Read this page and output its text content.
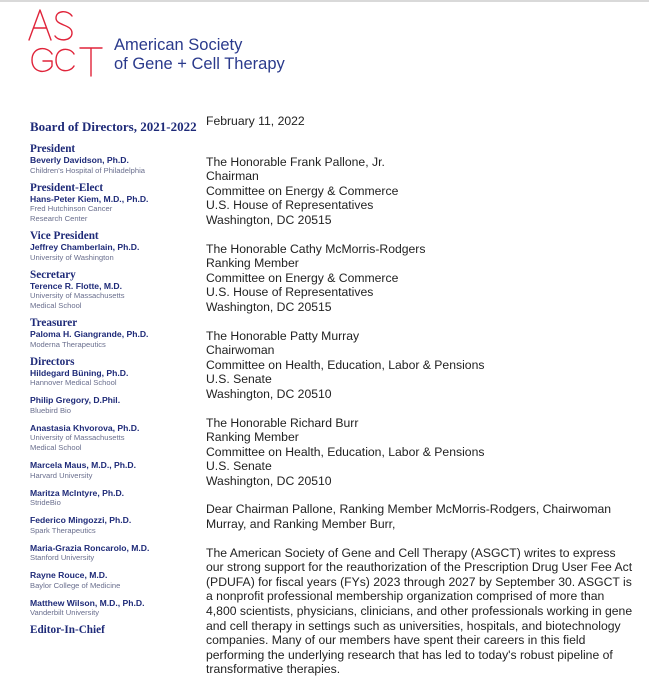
American Society
of Gene + Cell Therapy
Board of Directors, 2021-2022
President
Beverly Davidson, Ph.D.
Children's Hospital of Philadelphia
President-Elect
Hans-Peter Kiem, M.D., Ph.D.
Fred Hutchinson Cancer
Research Center
Vice President
Jeffrey Chamberlain, Ph.D.
University of Washington
Secretary
Terence R. Flotte, M.D.
University of Massachusetts
Medical School
Treasurer
Paloma H. Giangrande, Ph.D.
Moderna Therapeutics
Directors
Hildegard Büning, Ph.D.
Hannover Medical School
Philip Gregory, D.Phil.
Bluebird Bio
Anastasia Khvorova, Ph.D.
University of Massachusetts
Medical School
Marcela Maus, M.D., Ph.D.
Harvard University
Maritza McIntyre, Ph.D.
StrideBio
Federico Mingozzi, Ph.D.
Spark Therapeutics
Maria-Grazia Roncarolo, M.D.
Stanford University
Rayne Rouce, M.D.
Baylor College of Medicine
Matthew Wilson, M.D., Ph.D.
Vanderbilt University
Editor-In-Chief
February 11, 2022
The Honorable Frank Pallone, Jr.
Chairman
Committee on Energy & Commerce
U.S. House of Representatives
Washington, DC 20515
The Honorable Cathy McMorris-Rodgers
Ranking Member
Committee on Energy & Commerce
U.S. House of Representatives
Washington, DC 20515
The Honorable Patty Murray
Chairwoman
Committee on Health, Education, Labor & Pensions
U.S. Senate
Washington, DC 20510
The Honorable Richard Burr
Ranking Member
Committee on Health, Education, Labor & Pensions
U.S. Senate
Washington, DC 20510

Dear Chairman Pallone, Ranking Member McMorris-Rodgers, Chairwoman Murray, and Ranking Member Burr,

The American Society of Gene and Cell Therapy (ASGCT) writes to express our strong support for the reauthorization of the Prescription Drug User Fee Act (PDUFA) for fiscal years (FYs) 2023 through 2027 by September 30. ASGCT is a nonprofit professional membership organization comprised of more than 4,800 scientists, physicians, clinicians, and other professionals working in gene and cell therapy in settings such as universities, hospitals, and biotechnology companies. Many of our members have spent their careers in this field performing the underlying research that has led to today's robust pipeline of transformative therapies.
